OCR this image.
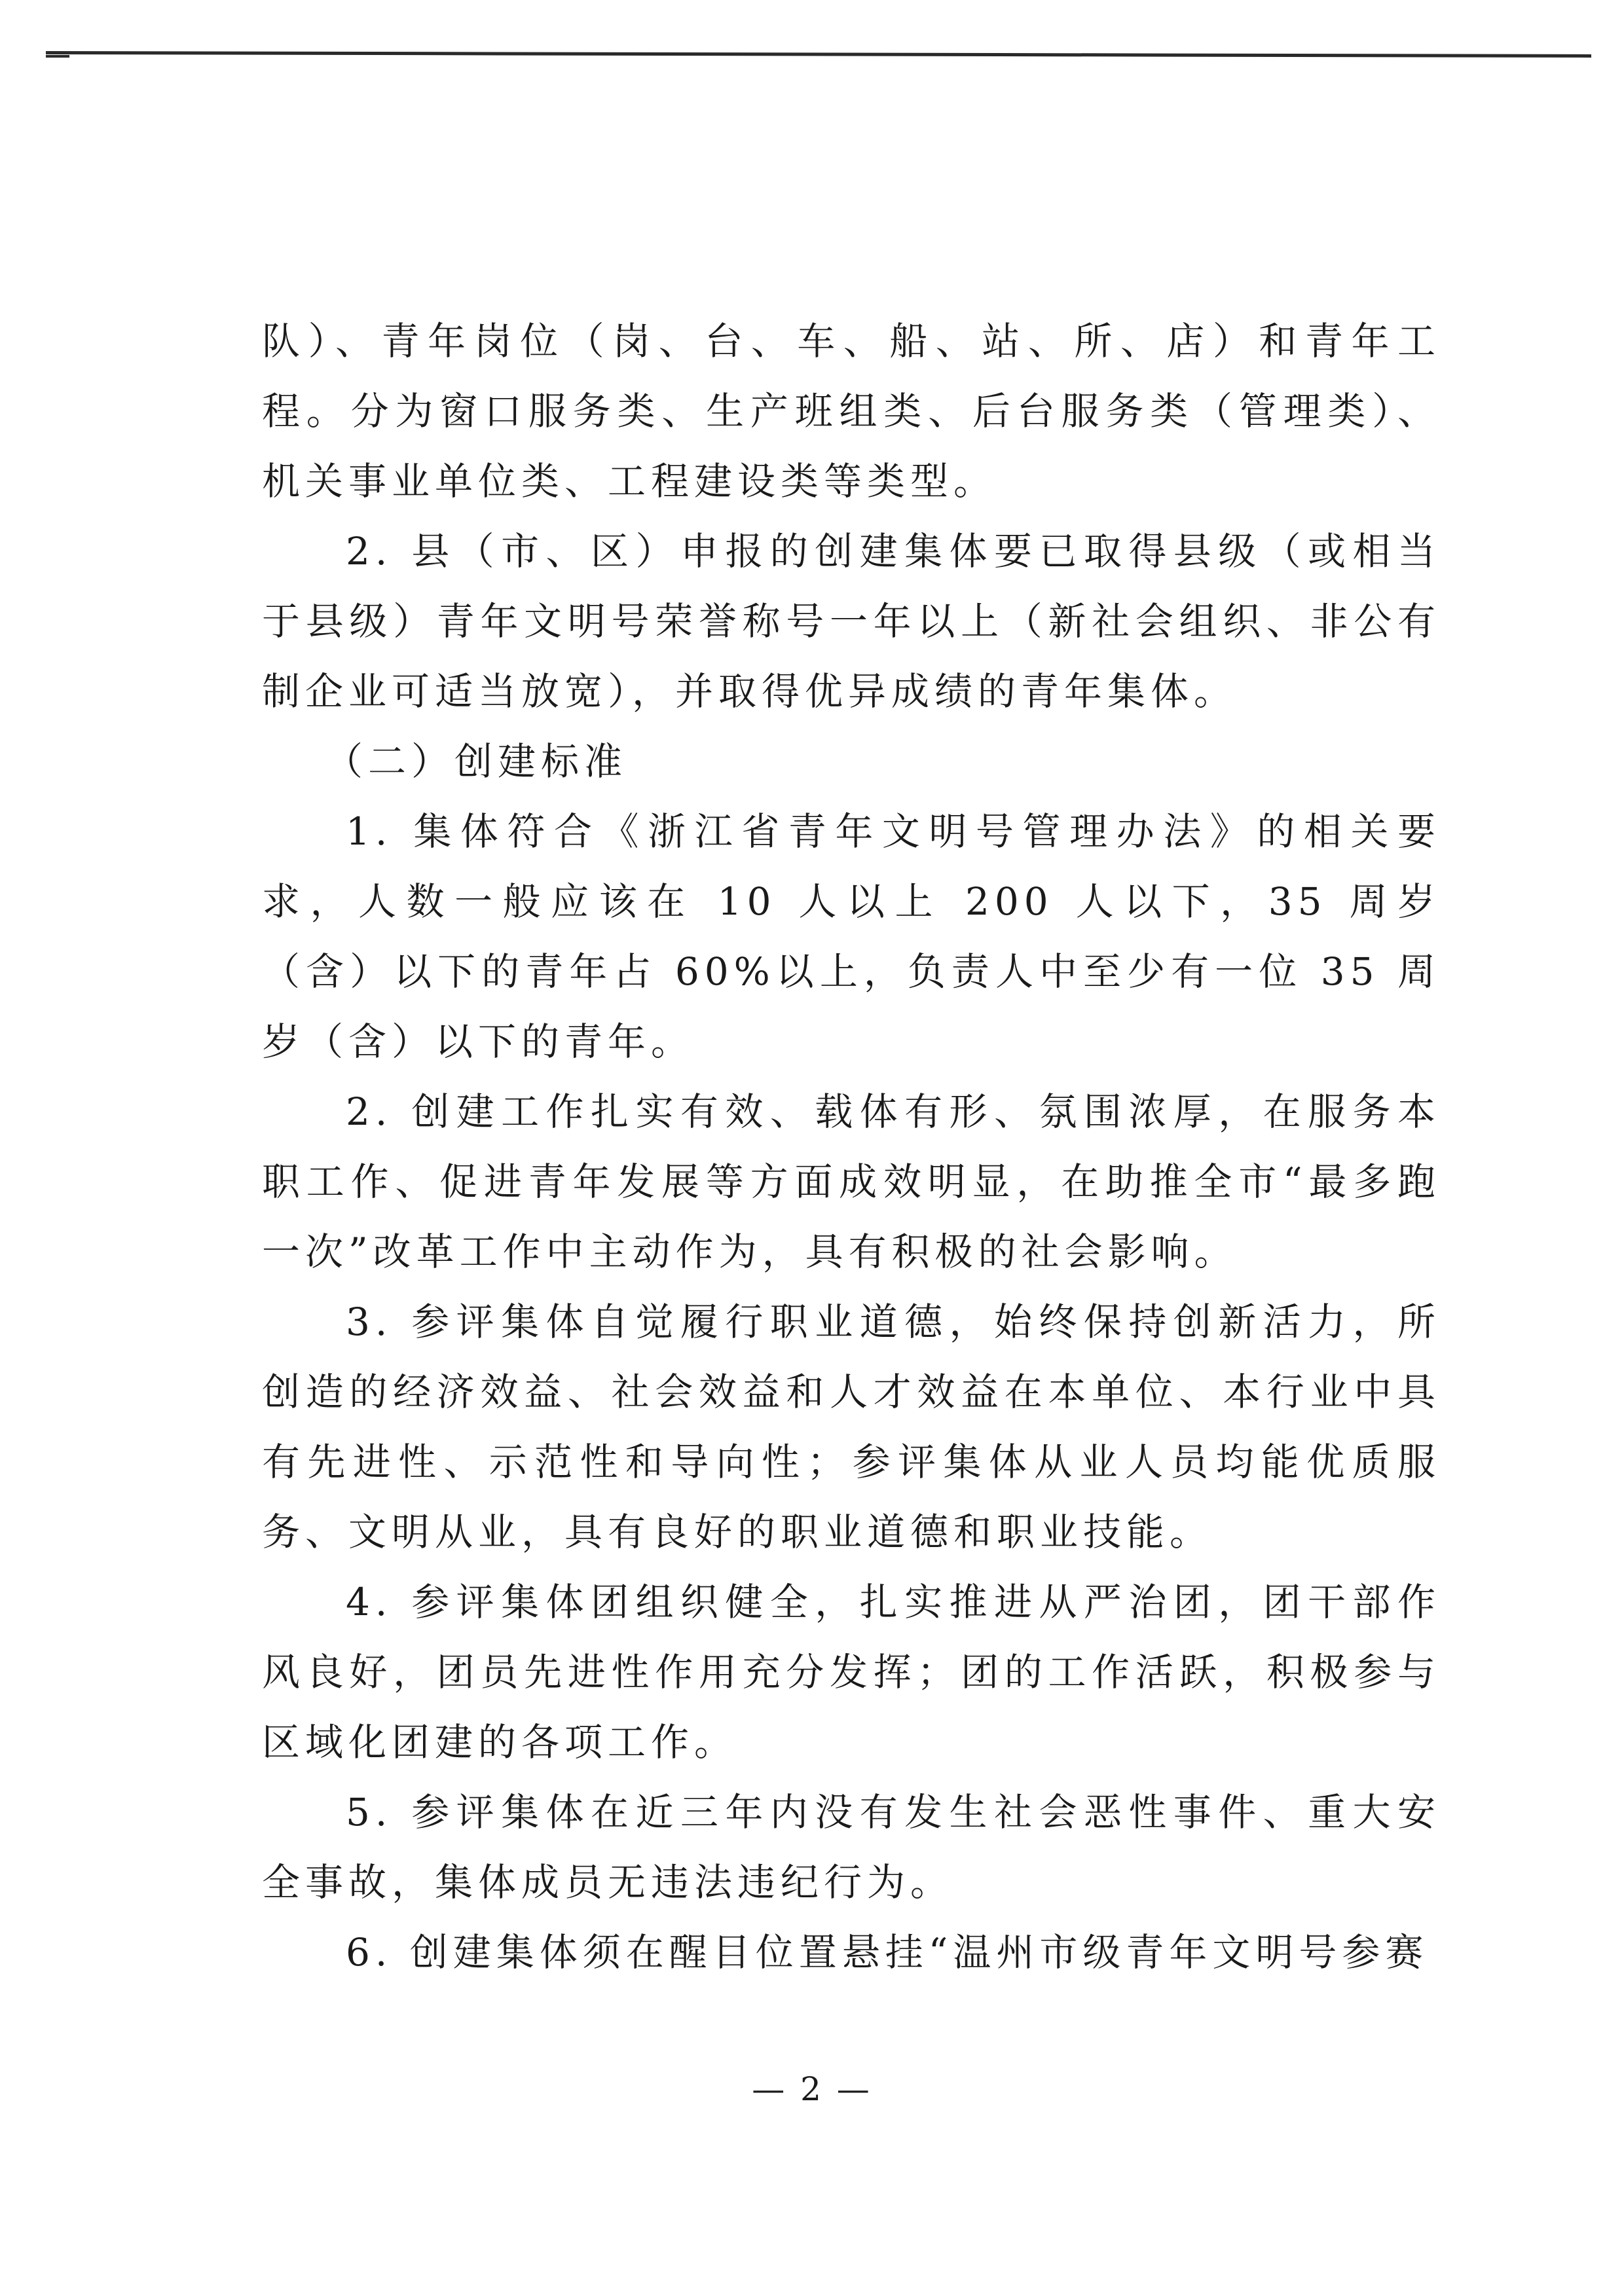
队）、青年岗位（岗、台、车、船、站、所、店）和青年工程。分为窗口服务类、生产班组类、后台服务类（管理类）、机关事业单位类、工程建设类等类型。

2. 县（市、区）申报的创建集体要已取得县级（或相当于县级）青年文明号荣誉称号一年以上（新社会组织、非公有制企业可适当放宽），并取得优异成绩的青年集体。

（二）创建标准

1. 集体符合《浙江省青年文明号管理办法》的相关要求，人数一般应该在 10 人以上 200 人以下，35 周岁（含）以下的青年占 60%以上，负责人中至少有一位 35 周岁（含）以下的青年。

2. 创建工作扎实有效、载体有形、氛围浓厚，在服务本职工作、促进青年发展等方面成效明显，在助推全市“最多跑一次”改革工作中主动作为，具有积极的社会影响。

3. 参评集体自觉履行职业道德，始终保持创新活力，所创造的经济效益、社会效益和人才效益在本单位、本行业中具有先进性、示范性和导向性；参评集体从业人员均能优质服务、文明从业，具有良好的职业道德和职业技能。

4. 参评集体团组织健全，扎实推进从严治团，团干部作风良好，团员先进性作用充分发挥；团的工作活跃，积极参与区域化团建的各项工作。

5. 参评集体在近三年内没有发生社会恶性事件、重大安全事故，集体成员无违法违纪行为。

6. 创建集体须在醒目位置悬挂“温州市级青年文明号参赛

— 2 —
